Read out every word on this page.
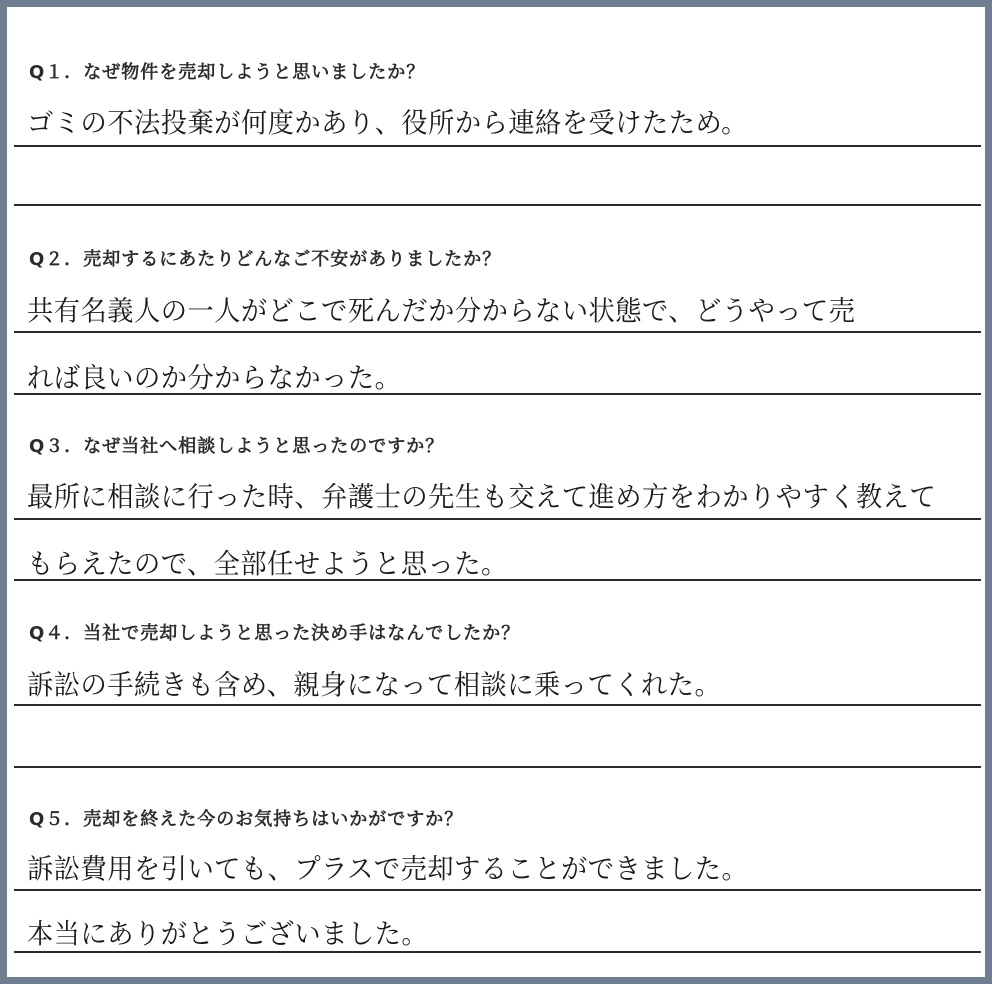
Q１．なぜ物件を売却しようと思いましたか？
ゴミの不法投棄が何度かあり、役所から連絡を受けたため。
Q２．売却するにあたりどんなご不安がありましたか？
共有名義人の一人がどこで死んだか分からない状態で、どうやって売
れば良いのか分からなかった。
Q３．なぜ当社へ相談しようと思ったのですか？
最所に相談に行った時、弁護士の先生も交えて進め方をわかりやすく教えて
もらえたので、全部任せようと思った。
Q４．当社で売却しようと思った決め手はなんでしたか？
訴訟の手続きも含め、親身になって相談に乗ってくれた。
Q５．売却を終えた今のお気持ちはいかがですか？
訴訟費用を引いても、プラスで売却することができました。
本当にありがとうございました。
